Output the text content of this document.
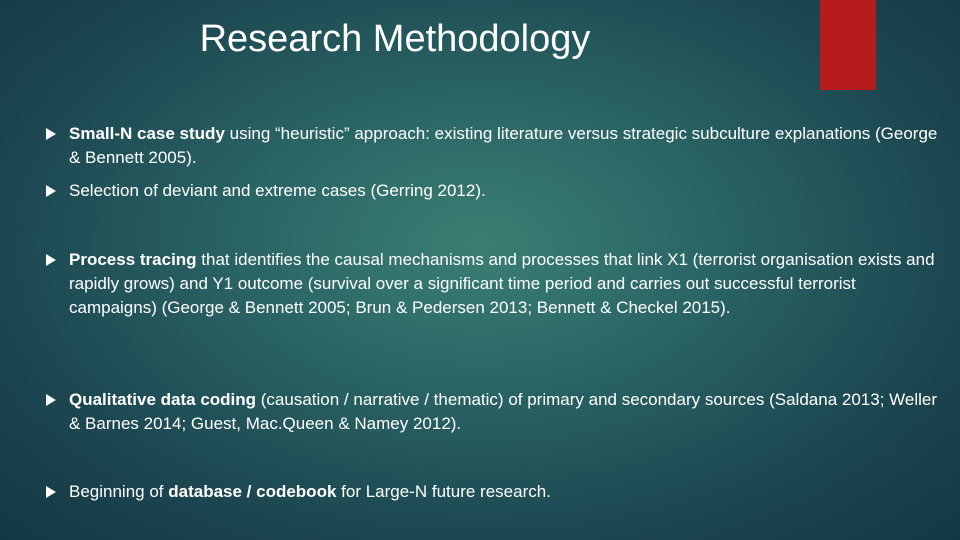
Research Methodology
Small-N case study using “heuristic” approach: existing literature versus strategic subculture explanations (George & Bennett 2005).
Selection of deviant and extreme cases (Gerring 2012).
Process tracing that identifies the causal mechanisms and processes that link X1 (terrorist organisation exists and rapidly grows) and Y1 outcome (survival over a significant time period and carries out successful terrorist campaigns) (George & Bennett 2005; Brun & Pedersen 2013; Bennett & Checkel 2015).
Qualitative data coding (causation / narrative / thematic) of primary and secondary sources (Saldana 2013; Weller & Barnes 2014; Guest, Mac.Queen & Namey 2012).
Beginning of database / codebook for Large-N future research.
